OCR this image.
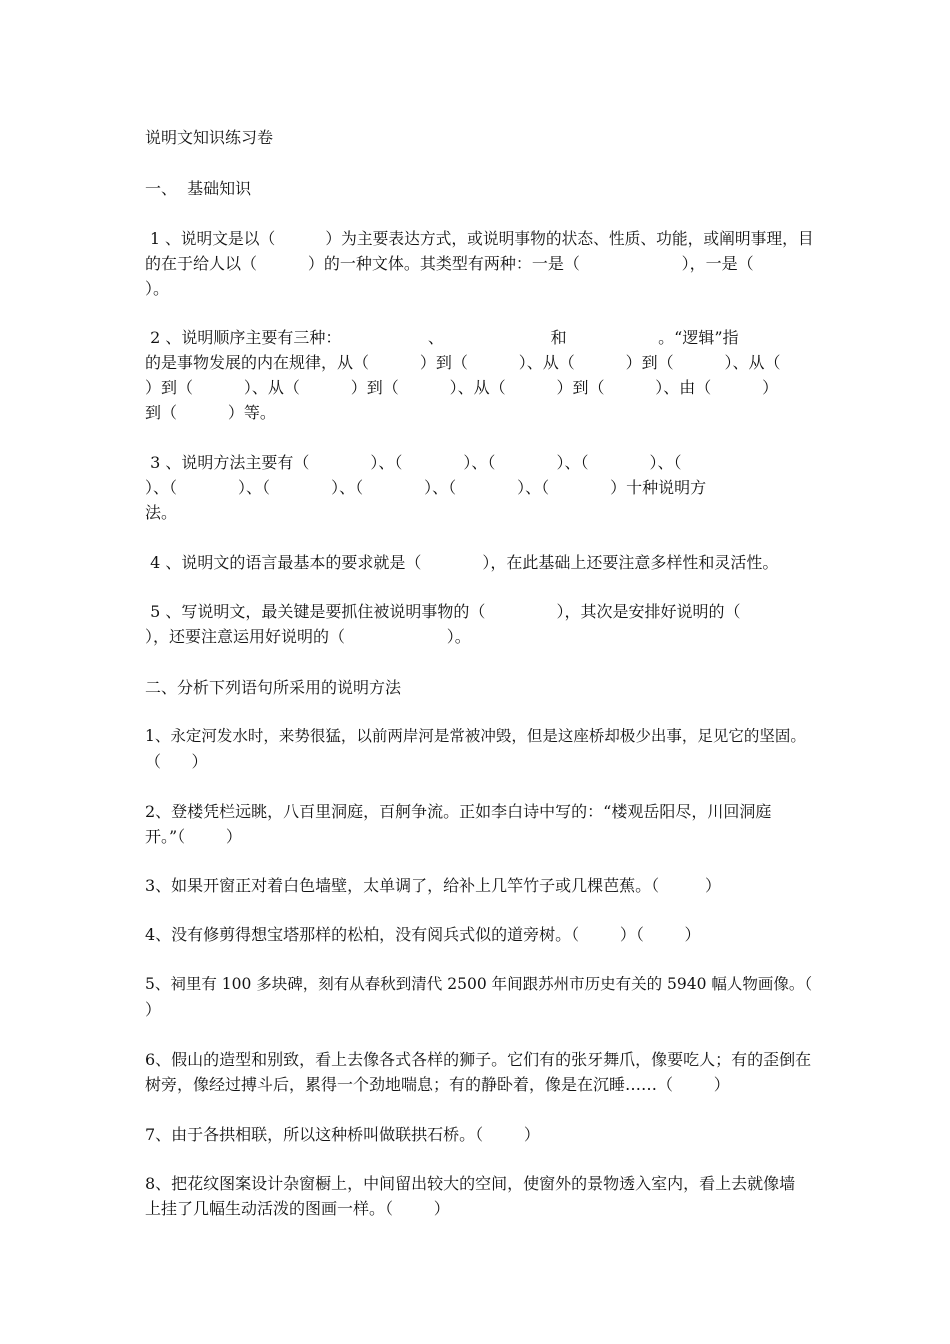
说明文知识练习卷
一、  基础知识
1 、说明文是以（          ）为主要表达方式，或说明事物的状态、性质、功能，或阐明事理，目
的在于给人以（          ）的一种文体。其类型有两种：一是（                    ），一是（
）。
2 、说明顺序主要有三种：                 、                     和                  。“逻辑”指
的是事物发展的内在规律，从（          ）到（          ）、从（          ）到（          ）、从（
）到（          ）、从（          ）到（          ）、从（          ）到（          ）、由（          ）
到（          ）等。
3 、说明方法主要有（            ）、（            ）、（            ）、（            ）、（
）、（            ）、（            ）、（            ）、（            ）、（            ）十种说明方
法。
4 、说明文的语言最基本的要求就是（            ），在此基础上还要注意多样性和灵活性。
5 、写说明文，最关键是要抓住被说明事物的（              ），其次是安排好说明的（
），还要注意运用好说明的（                    ）。
二、分析下列语句所采用的说明方法
1、永定河发水时，来势很猛，以前两岸河是常被冲毁，但是这座桥却极少出事，足见它的坚固。
（      ）
2、登楼凭栏远眺，八百里洞庭，百舸争流。正如李白诗中写的：“楼观岳阳尽，川回洞庭
开。”（        ）
3、如果开窗正对着白色墙壁，太单调了，给补上几竿竹子或几棵芭蕉。（         ）
4、没有修剪得想宝塔那样的松柏，没有阅兵式似的道旁树。（        ）（        ）
5、祠里有 100 多块碑，刻有从春秋到清代 2500 年间跟苏州市历史有关的 5940 幅人物画像。（
）
6、假山的造型和别致，看上去像各式各样的狮子。它们有的张牙舞爪，像要吃人；有的歪倒在
树旁，像经过搏斗后，累得一个劲地喘息；有的静卧着，像是在沉睡……（        ）
7、由于各拱相联，所以这种桥叫做联拱石桥。（        ）
8、把花纹图案设计杂窗橱上，中间留出较大的空间，使窗外的景物透入室内，看上去就像墙
上挂了几幅生动活泼的图画一样。（        ）
